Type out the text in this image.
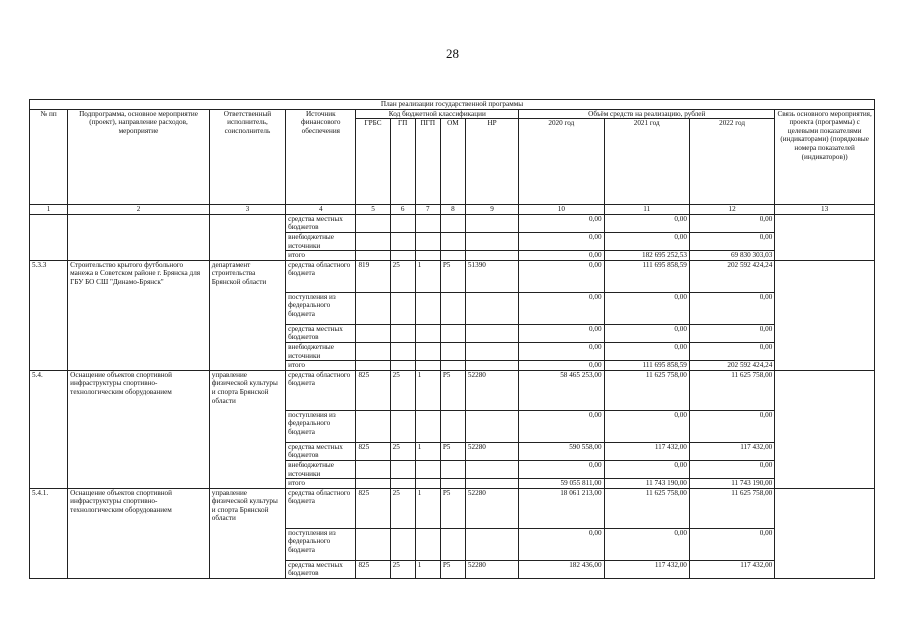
28
План реализации государственной программы												
№ пп	Подпрограмма, основное мероприятие (проект), направление расходов, мероприятие	Ответственный исполнитель, соисполнитель	Источник финансового обеспечения	Код бюджетной классификации					Объём средств на реализацию, рублей			Связь основного мероприятия, проекта (программы) с целевыми показателями (индикаторами) (порядковые номера показателей (индикаторов))
				ГРБС	ГП	ПГП	ОМ	НР	2020 год	2021 год	2022 год	
1	2	3	4	5	6	7	8	9	10	11	12	13
			средства местных бюджетов						0,00	0,00	0,00	
			внебюджетные источники						0,00	0,00	0,00	
			итого						0,00	182 695 252,53	69 830 303,03	
5.3.3	Строительство крытого футбольного манежа в Советском районе г. Брянска для ГБУ БО СШ "Динамо-Брянск"	департамент строительства Брянской области	средства областного бюджета	819	25	1	P5	51390	0,00	111 695 858,59	202 592 424,24	
			поступления из федерального бюджета						0,00	0,00	0,00	
			средства местных бюджетов						0,00	0,00	0,00	
			внебюджетные источники						0,00	0,00	0,00	
			итого						0,00	111 695 858,59	202 592 424,24	
5.4.	Оснащение объектов спортивной инфраструктуры спортивно-технологическим оборудованием	управление физической культуры и спорта Брянской области	средства областного бюджета	825	25	1	P5	52280	58 465 253,00	11 625 758,00	11 625 758,00	
			поступления из федерального бюджета						0,00	0,00	0,00	
			средства местных бюджетов	825	25	1	P5	52280	590 558,00	117 432,00	117 432,00	
			внебюджетные источники						0,00	0,00	0,00	
			итого						59 055 811,00	11 743 190,00	11 743 190,00	
5.4.1.	Оснащение объектов спортивной инфраструктуры спортивно-технологическим оборудованием	управление физической культуры и спорта Брянской области	средства областного бюджета	825	25	1	P5	52280	18 061 213,00	11 625 758,00	11 625 758,00	
			поступления из федерального бюджета						0,00	0,00	0,00	
			средства местных бюджетов	825	25	1	P5	52280	182 436,00	117 432,00	117 432,00	
